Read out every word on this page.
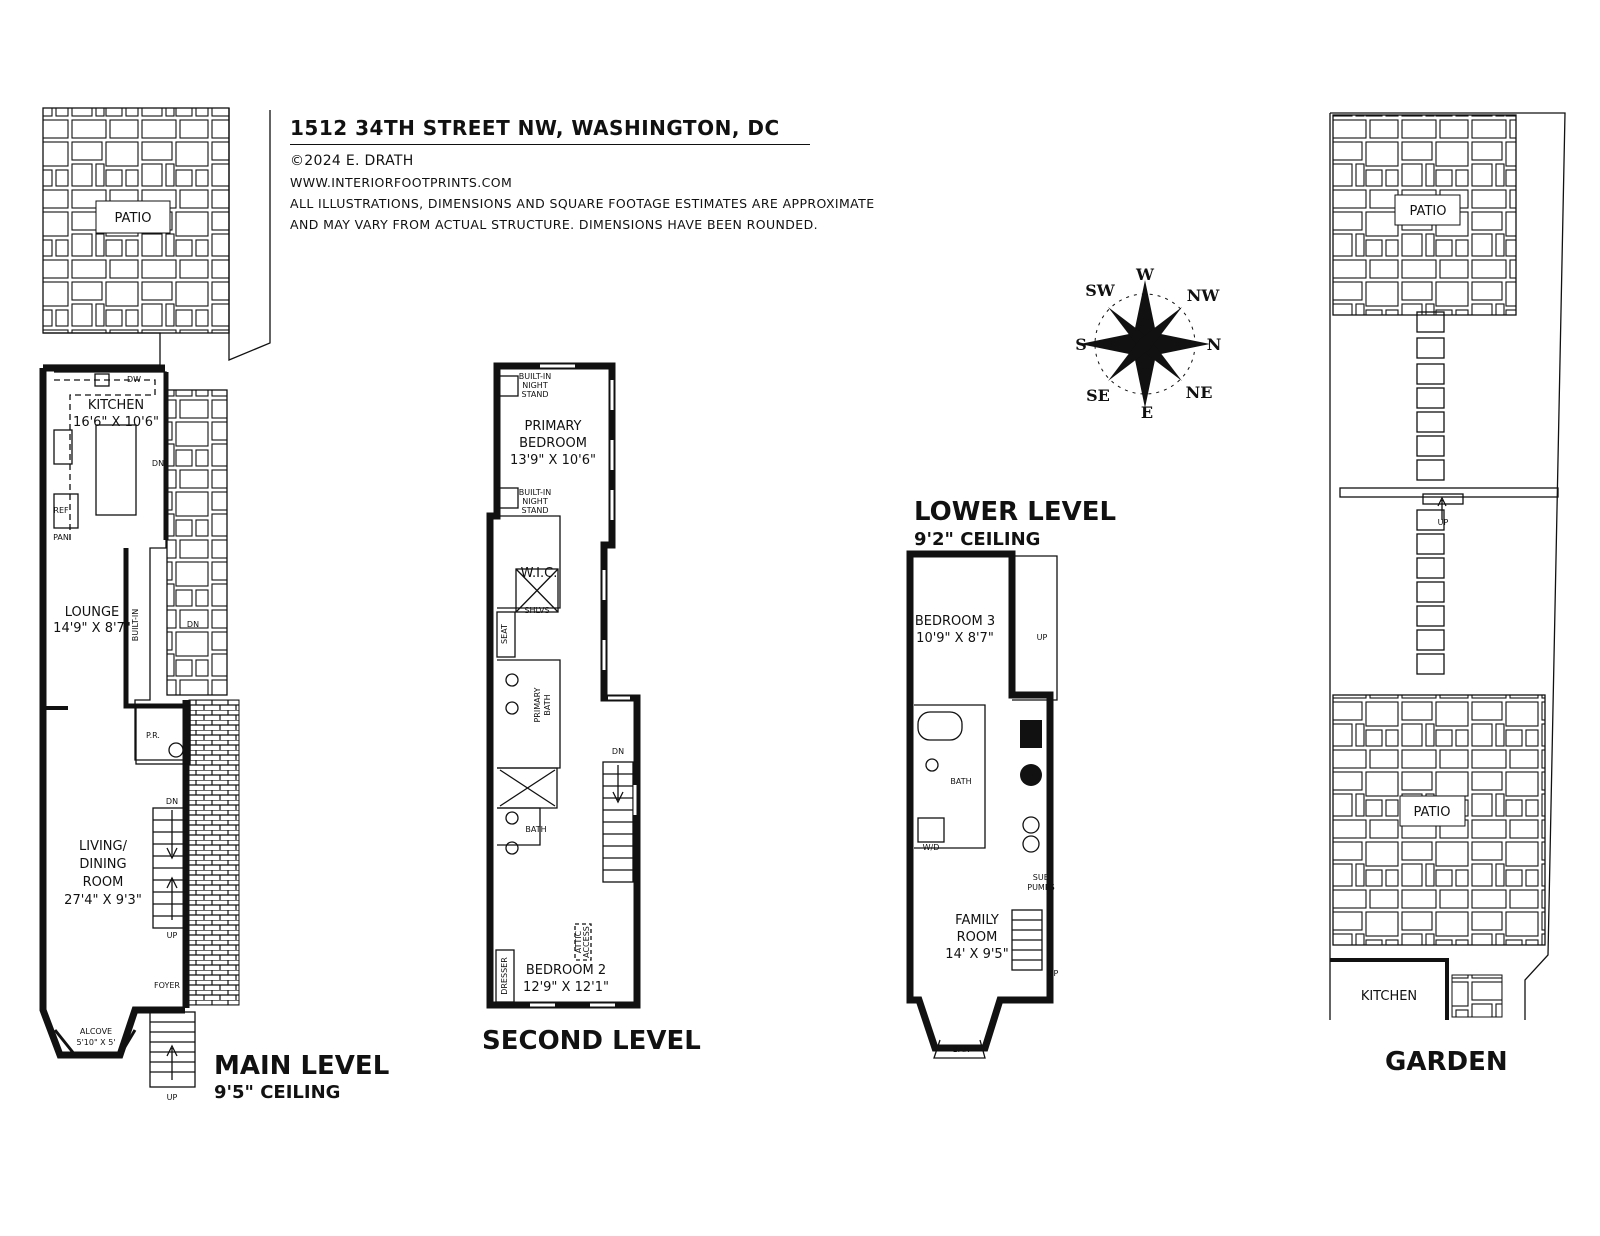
1512 34TH STREET NW, WASHINGTON, DC
©2024 E. DRATH
WWW.INTERIORFOOTPRINTS.COM
ALL ILLUSTRATIONS, DIMENSIONS AND SQUARE FOOTAGE ESTIMATES ARE APPROXIMATE
AND MAY VARY FROM ACTUAL STRUCTURE. DIMENSIONS HAVE BEEN ROUNDED.
PATIO
DW
KITCHEN
16'6" X 10'6"
REF
PAN
DN
LOUNGE
14'9" X 8'7" BUILT-IN	DN
P.R.
DN
LIVING/
DINING
ROOM
27'4" X 9'3"
UP
FOYER
ALCOVE
5'10" X 5'
UP
MAIN LEVEL
9'5" CEILING
BUILT-IN
NIGHT
STAND
PRIMARY
BEDROOM
13'9" X 10'6"
BUILT-IN
NIGHT
STAND
W.I.C.
SHLVS
SEAT
PRIMARY BATH
DN
BATH
ATTIC ACCESS
DRESSER BEDROOM 2
12'9" X 12'1"
SECOND LEVEL
LOWER LEVEL
9'2" CEILING
BEDROOM 3
10'9" X 8'7"	UP
BATH
W/D
SUB
PUMPS
FAMILY
ROOM
14' X 9'5"
UP
BAR
W
NW
N
NE
E
SE
S
SW
PATIO
UP
PATIO
KITCHEN
GARDEN
